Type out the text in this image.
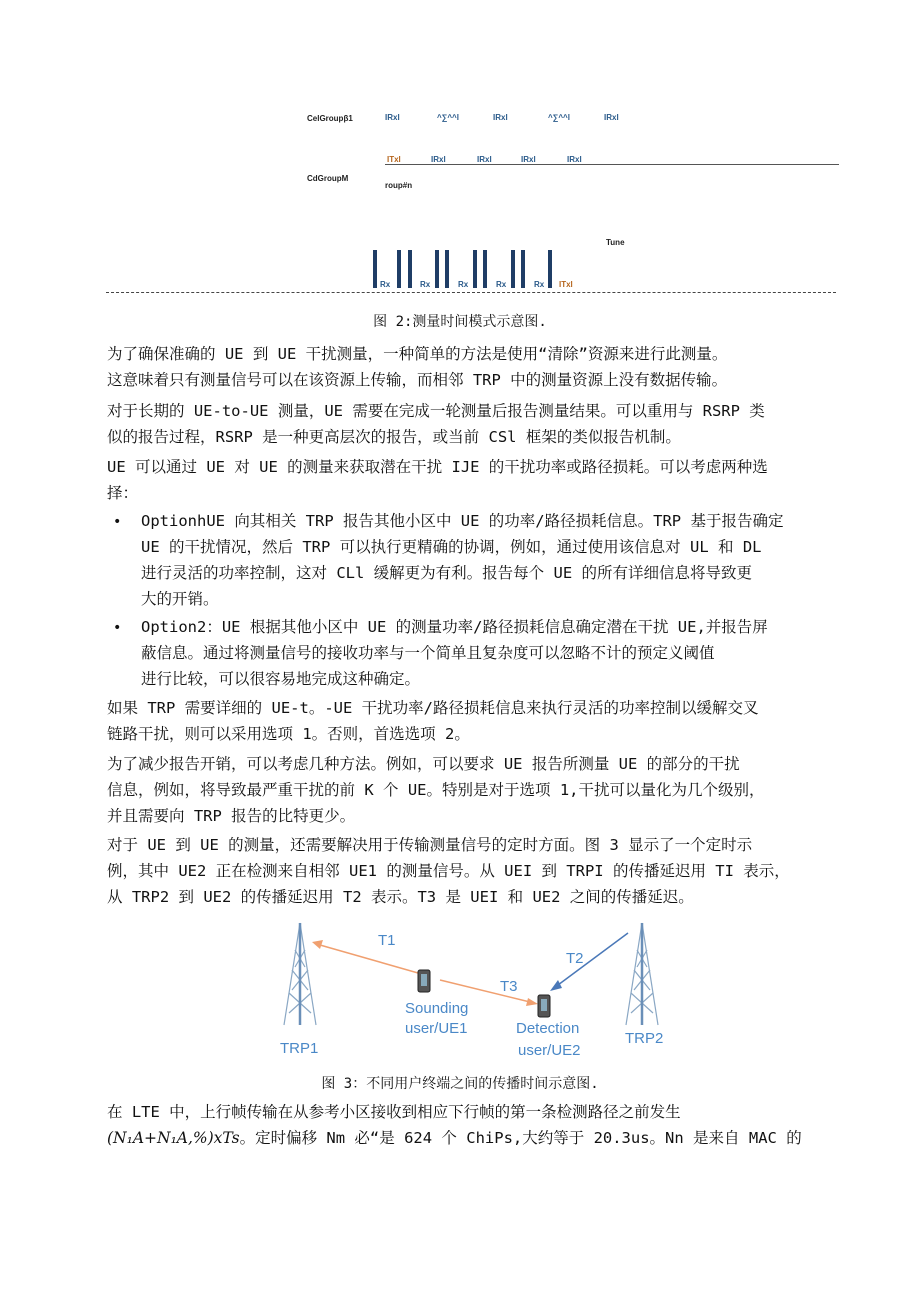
CelGroupβ1	IRxl	^∑^^l	IRxl	^∑^^l	IRxl
ITxl	IRxl	IRxl	IRxl	IRxl
CdGroupM
roup#n
Tune
Rx	Rx	Rx	Rx	Rx ITxl
图 2:测量时间模式示意图.
为了确保准确的 UE 到 UE 干扰测量，一种简单的方法是使用“清除”资源来进行此测量。
这意味着只有测量信号可以在该资源上传输，而相邻 TRP 中的测量资源上没有数据传输。
对于长期的 UE-to-UE 测量，UE 需要在完成一轮测量后报告测量结果。可以重用与 RSRP 类
似的报告过程，RSRP 是一种更高层次的报告，或当前 CSl 框架的类似报告机制。
UE 可以通过 UE 对 UE 的测量来获取潜在干扰 IJE 的干扰功率或路径损耗。可以考虑两种选
择：
• OptionhUE 向其相关 TRP 报告其他小区中 UE 的功率/路径损耗信息。TRP 基于报告确定
UE 的干扰情况，然后 TRP 可以执行更精确的协调，例如，通过使用该信息对 UL 和 DL
进行灵活的功率控制，这对 CLl 缓解更为有利。报告每个 UE 的所有详细信息将导致更
大的开销。
• Option2：UE 根据其他小区中 UE 的测量功率/路径损耗信息确定潜在干扰 UE,并报告屏
蔽信息。通过将测量信号的接收功率与一个简单且复杂度可以忽略不计的预定义阈值
进行比较，可以很容易地完成这种确定。
如果 TRP 需要详细的 UE-t。-UE 干扰功率/路径损耗信息来执行灵活的功率控制以缓解交叉
链路干扰，则可以采用选项 1。否则，首选选项 2。
为了减少报告开销，可以考虑几种方法。例如，可以要求 UE 报告所测量 UE 的部分的干扰
信息，例如，将导致最严重干扰的前 K 个 UE。特别是对于选项 1,干扰可以量化为几个级别，
并且需要向 TRP 报告的比特更少。
对于 UE 到 UE 的测量，还需要解决用于传输测量信号的定时方面。图 3 显示了一个定时示
例，其中 UE2 正在检测来自相邻 UE1 的测量信号。从 UEI 到 TRPI 的传播延迟用 TI 表示，
从 TRP2 到 UE2 的传播延迟用 T2 表示。T3 是 UEI 和 UE2 之间的传播延迟。
T1
T2
T3
Sounding
user/UE1	Detection
user/UE2
TRP1
TRP2
图 3：不同用户终端之间的传播时间示意图.
在 LTE 中，上行帧传输在从参考小区接收到相应下行帧的第一条检测路径之前发生
(N₁A+N₁A,%)xTs。定时偏移 Nm 必“是 624 个 ChiPs,大约等于 20.3us。Nn 是来自 MAC 的
